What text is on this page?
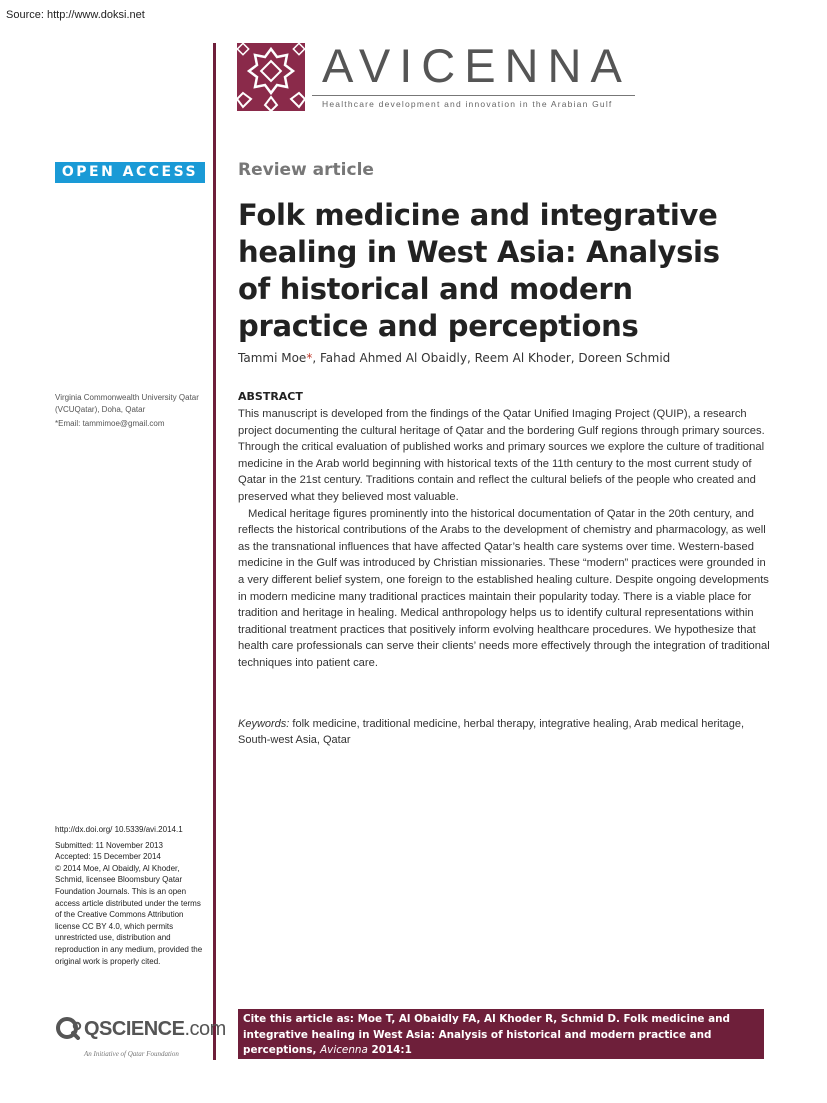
Source: http://www.doksi.net
AVICENNA
Healthcare development and innovation in the Arabian Gulf
OPEN ACCESS	Review article
Folk medicine and integrative healing in West Asia: Analysis of historical and modern practice and perceptions
Tammi Moe*, Fahad Ahmed Al Obaidly, Reem Al Khoder, Doreen Schmid
Virginia Commonwealth University Qatar (VCUQatar), Doha, Qatar
*Email: tammimoe@gmail.com
ABSTRACT

This manuscript is developed from the findings of the Qatar Unified Imaging Project (QUIP), a research project documenting the cultural heritage of Qatar and the bordering Gulf regions through primary sources. Through the critical evaluation of published works and primary sources we explore the culture of traditional medicine in the Arab world beginning with historical texts of the 11th century to the most current study of Qatar in the 21st century. Traditions contain and reflect the cultural beliefs of the people who created and preserved what they believed most valuable.

Medical heritage figures prominently into the historical documentation of Qatar in the 20th century, and reflects the historical contributions of the Arabs to the development of chemistry and pharmacology, as well as the transnational influences that have affected Qatar’s health care systems over time. Western-based medicine in the Gulf was introduced by Christian missionaries. These “modern” practices were grounded in a very different belief system, one foreign to the established healing culture. Despite ongoing developments in modern medicine many traditional practices maintain their popularity today. There is a viable place for tradition and heritage in healing. Medical anthropology helps us to identify cultural representations within traditional treatment practices that positively inform evolving healthcare procedures. We hypothesize that health care professionals can serve their clients’ needs more effectively through the integration of traditional techniques into patient care.

Keywords: folk medicine, traditional medicine, herbal therapy, integrative healing, Arab medical heritage, South-west Asia, Qatar
http://dx.doi.org/ 10.5339/avi.2014.1
Submitted: 11 November 2013
Accepted: 15 December 2014
© 2014 Moe, Al Obaidly, Al Khoder, Schmid, licensee Bloomsbury Qatar Foundation Journals. This is an open access article distributed under the terms of the Creative Commons Attribution license CC BY 4.0, which permits unrestricted use, distribution and reproduction in any medium, provided the original work is properly cited.
QSCIENCE.com
An Initiative of Qatar Foundation
Cite this article as: Moe T, Al Obaidly FA, Al Khoder R, Schmid D. Folk medicine and integrative healing in West Asia: Analysis of historical and modern practice and perceptions, Avicenna 2014:1
http://dx.doi.org/10.5339/avi.2014.1
